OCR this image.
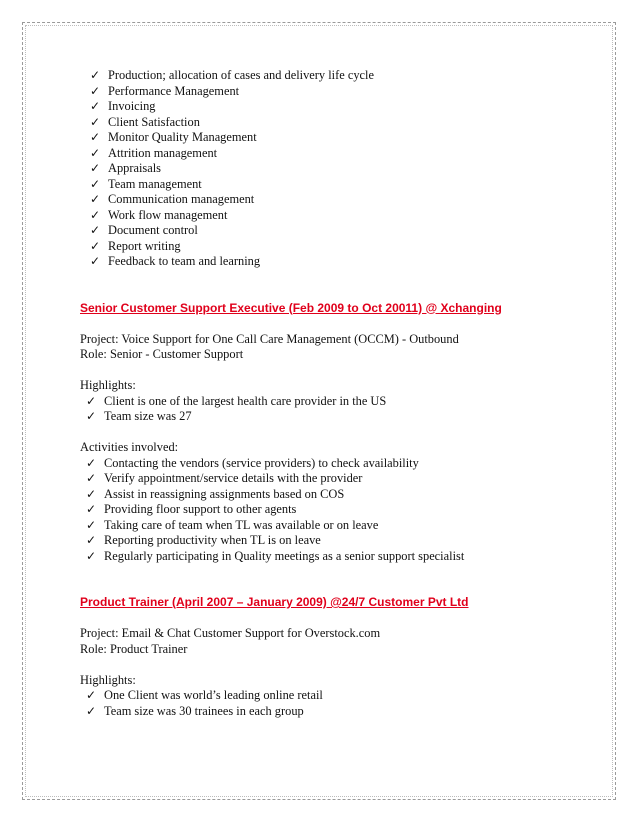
✓ Production; allocation of cases and delivery life cycle
✓ Performance Management
✓ Invoicing
✓ Client Satisfaction
✓ Monitor Quality Management
✓ Attrition management
✓ Appraisals
✓ Team management
✓ Communication management
✓ Work flow management
✓ Document control
✓ Report writing
✓ Feedback to team and learning

Senior Customer Support Executive (Feb 2009 to Oct 20011) @ Xchanging

Project: Voice Support for One Call Care Management (OCCM) - Outbound

Role: Senior - Customer Support

Highlights:

✓ Client is one of the largest health care provider in the US
✓ Team size was 27

Activities involved:

✓ Contacting the vendors (service providers) to check availability
✓ Verify appointment/service details with the provider
✓ Assist in reassigning assignments based on COS
✓ Providing floor support to other agents
✓ Taking care of team when TL was available or on leave
✓ Reporting productivity when TL is on leave
✓ Regularly participating in Quality meetings as a senior support specialist

Product Trainer (April 2007 – January 2009) @24/7 Customer Pvt Ltd

Project: Email & Chat Customer Support for Overstock.com

Role: Product Trainer

Highlights:

✓ One Client was world’s leading online retail
✓ Team size was 30 trainees in each group
